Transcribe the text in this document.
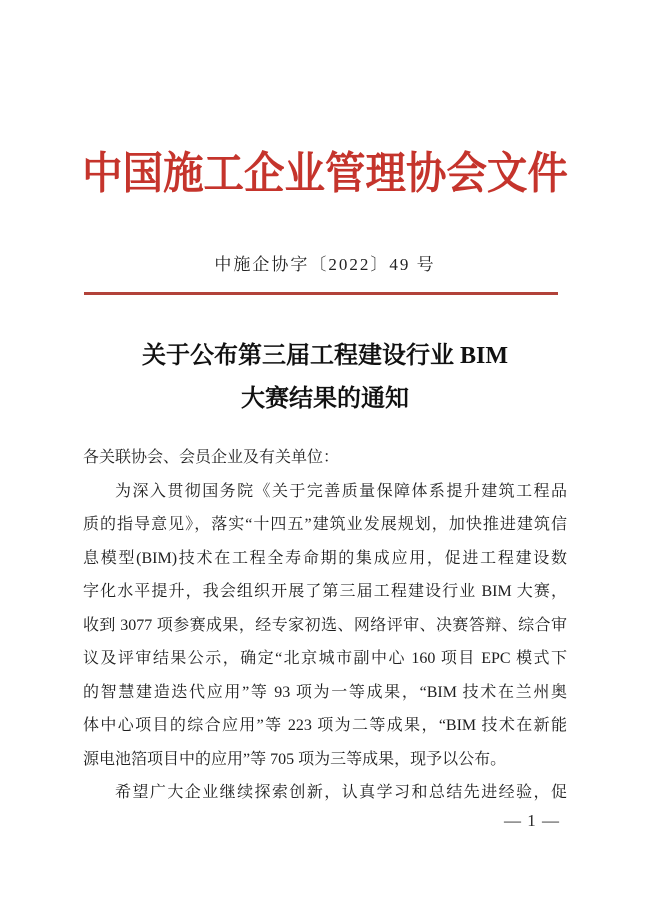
中国施工企业管理协会文件
中施企协字〔2022〕49 号
关于公布第三届工程建设行业 BIM
大赛结果的通知
各关联协会、会员企业及有关单位：
为深入贯彻国务院《关于完善质量保障体系提升建筑工程品
质的指导意见》，落实“十四五”建筑业发展规划，加快推进建筑信
息模型(BIM)技术在工程全寿命期的集成应用，促进工程建设数
字化水平提升，我会组织开展了第三届工程建设行业 BIM 大赛，
收到 3077 项参赛成果，经专家初选、网络评审、决赛答辩、综合审
议及评审结果公示，确定“北京城市副中心 160 项目 EPC 模式下
的智慧建造迭代应用”等 93 项为一等成果，“BIM 技术在兰州奥
体中心项目的综合应用”等 223 项为二等成果，“BIM 技术在新能
源电池箔项目中的应用”等 705 项为三等成果，现予以公布。
希望广大企业继续探索创新，认真学习和总结先进经验，促
— 1 —
